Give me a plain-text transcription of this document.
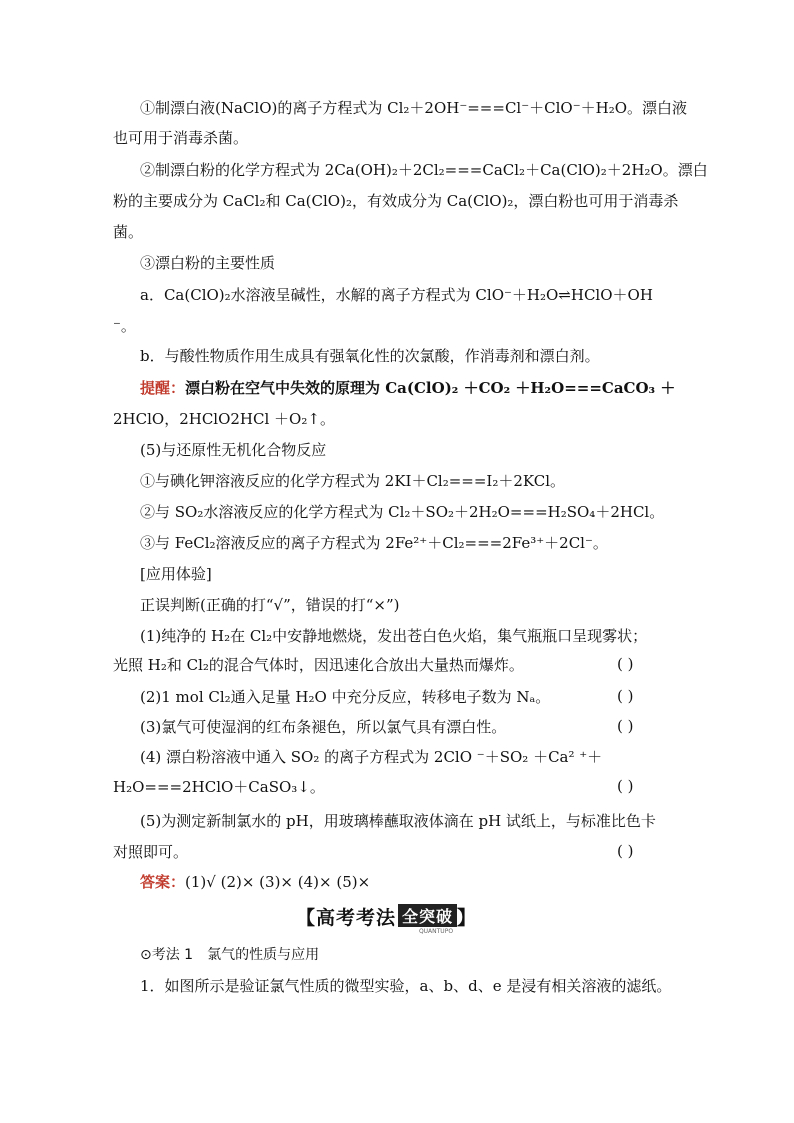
①制漂白液(NaClO)的离子方程式为 Cl₂＋2OH⁻===Cl⁻＋ClO⁻＋H₂O。漂白液
也可用于消毒杀菌。
②制漂白粉的化学方程式为 2Ca(OH)₂＋2Cl₂===CaCl₂＋Ca(ClO)₂＋2H₂O。漂白
粉的主要成分为 CaCl₂和 Ca(ClO)₂，有效成分为 Ca(ClO)₂，漂白粉也可用于消毒杀
菌。
③漂白粉的主要性质
a．Ca(ClO)₂水溶液呈碱性，水解的离子方程式为 ClO⁻＋H₂O⇌HClO＋OH
⁻。
b．与酸性物质作用生成具有强氧化性的次氯酸，作消毒剂和漂白剂。
提醒：漂白粉在空气中失效的原理为 Ca(ClO)₂ ＋CO₂ ＋H₂O===CaCO₃ ＋
2HClO，2HClO2HCl ＋O₂↑。
(5)与还原性无机化合物反应
①与碘化钾溶液反应的化学方程式为 2KI＋Cl₂===I₂＋2KCl。
②与 SO₂水溶液反应的化学方程式为 Cl₂＋SO₂＋2H₂O===H₂SO₄＋2HCl。
③与 FeCl₂溶液反应的离子方程式为 2Fe²⁺＋Cl₂===2Fe³⁺＋2Cl⁻。
[应用体验]
正误判断(正确的打“√”，错误的打“×”)
(1)纯净的 H₂在 Cl₂中安静地燃烧，发出苍白色火焰，集气瓶瓶口呈现雾状；
光照 H₂和 Cl₂的混合气体时，因迅速化合放出大量热而爆炸。	( )
(2)1 mol Cl₂通入足量 H₂O 中充分反应，转移电子数为 Nₐ。	( )
(3)氯气可使湿润的红布条褪色，所以氯气具有漂白性。	( )
(4) 漂白粉溶液中通入 SO₂ 的离子方程式为 2ClO ⁻＋SO₂ ＋Ca² ⁺＋
H₂O===2HClO＋CaSO₃↓。	( )
(5)为测定新制氯水的 pH，用玻璃棒蘸取液体滴在 pH 试纸上，与标准比色卡
对照即可。	( )
答案：(1)√ (2)× (3)× (4)× (5)×
【高考考法 全突破 】
QUANTUPO
⊙考法 1　氯气的性质与应用
1．如图所示是验证氯气性质的微型实验，a、b、d、e 是浸有相关溶液的滤纸。
